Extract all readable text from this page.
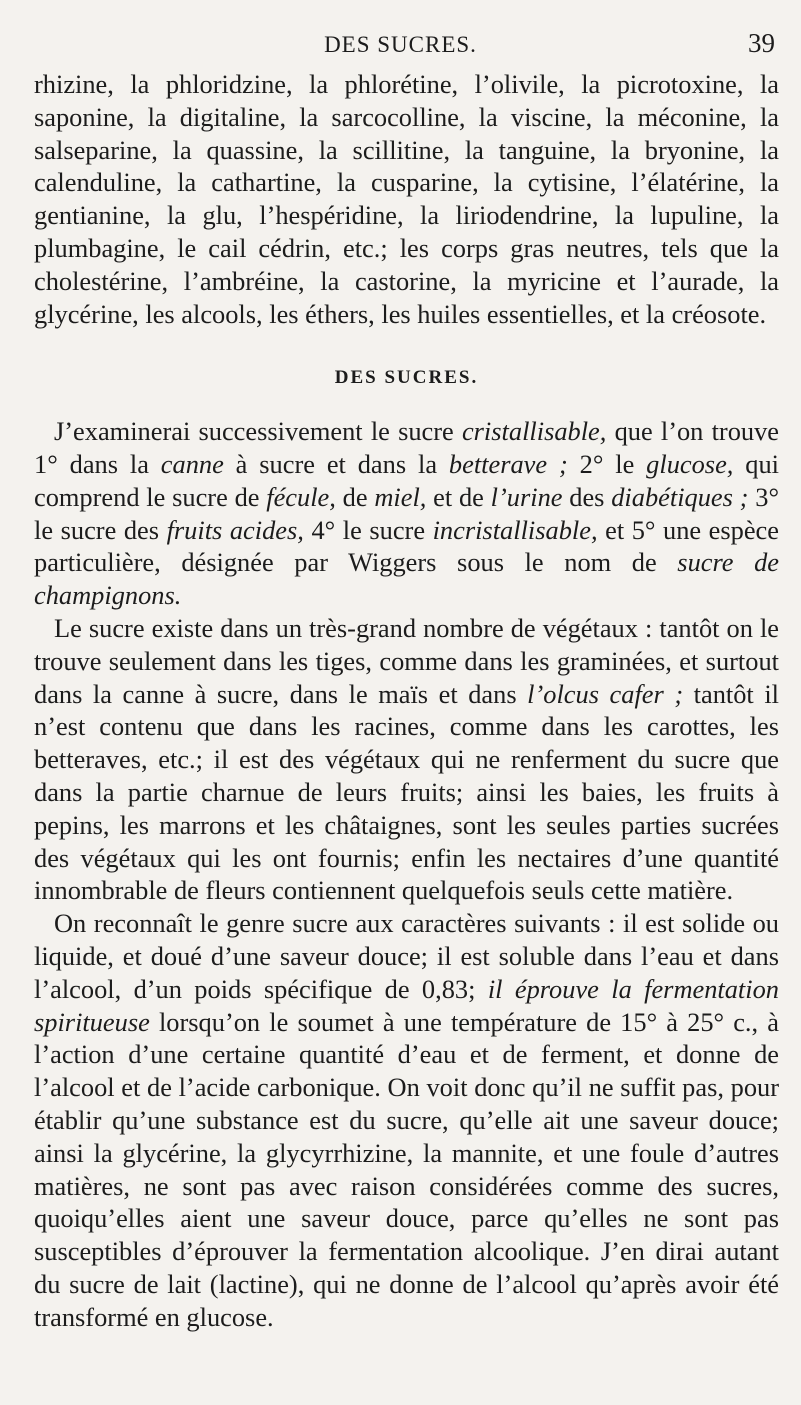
DES SUCRES.	39

rhizine, la phloridzine, la phlorétine, l’olivile, la picrotoxine, la saponine, la digitaline, la sarcocolline, la viscine, la méconine, la salseparine, la quassine, la scillitine, la tanguine, la bryonine, la calenduline, la cathartine, la cusparine, la cytisine, l’élatérine, la gentianine, la glu, l’hespéridine, la liriodendrine, la lupuline, la plumbagine, le cail cédrin, etc.; les corps gras neutres, tels que la cholestérine, l’ambréine, la castorine, la myricine et l’aurade, la glycérine, les alcools, les éthers, les huiles essentielles, et la créosote.

DES SUCRES.

J’examinerai successivement le sucre cristallisable, que l’on trouve 1° dans la canne à sucre et dans la betterave ; 2° le glucose, qui comprend le sucre de fécule, de miel, et de l’urine des diabétiques ; 3° le sucre des fruits acides, 4° le sucre incristallisable, et 5° une espèce particulière, désignée par Wiggers sous le nom de sucre de champignons.

Le sucre existe dans un très-grand nombre de végétaux : tantôt on le trouve seulement dans les tiges, comme dans les graminées, et surtout dans la canne à sucre, dans le maïs et dans l’olcus cafer ; tantôt il n’est contenu que dans les racines, comme dans les carottes, les betteraves, etc.; il est des végétaux qui ne renferment du sucre que dans la partie charnue de leurs fruits; ainsi les baies, les fruits à pepins, les marrons et les châtaignes, sont les seules parties sucrées des végétaux qui les ont fournis; enfin les nectaires d’une quantité innombrable de fleurs contiennent quelquefois seuls cette matière.

On reconnaît le genre sucre aux caractères suivants : il est solide ou liquide, et doué d’une saveur douce; il est soluble dans l’eau et dans l’alcool, d’un poids spécifique de 0,83; il éprouve la fermentation spiritueuse lorsqu’on le soumet à une température de 15° à 25° c., à l’action d’une certaine quantité d’eau et de ferment, et donne de l’alcool et de l’acide carbonique. On voit donc qu’il ne suffit pas, pour établir qu’une substance est du sucre, qu’elle ait une saveur douce; ainsi la glycérine, la glycyrrhizine, la mannite, et une foule d’autres matières, ne sont pas avec raison considérées comme des sucres, quoiqu’elles aient une saveur douce, parce qu’elles ne sont pas susceptibles d’éprouver la fermentation alcoolique. J’en dirai autant du sucre de lait (lactine), qui ne donne de l’alcool qu’après avoir été transformé en glucose.
